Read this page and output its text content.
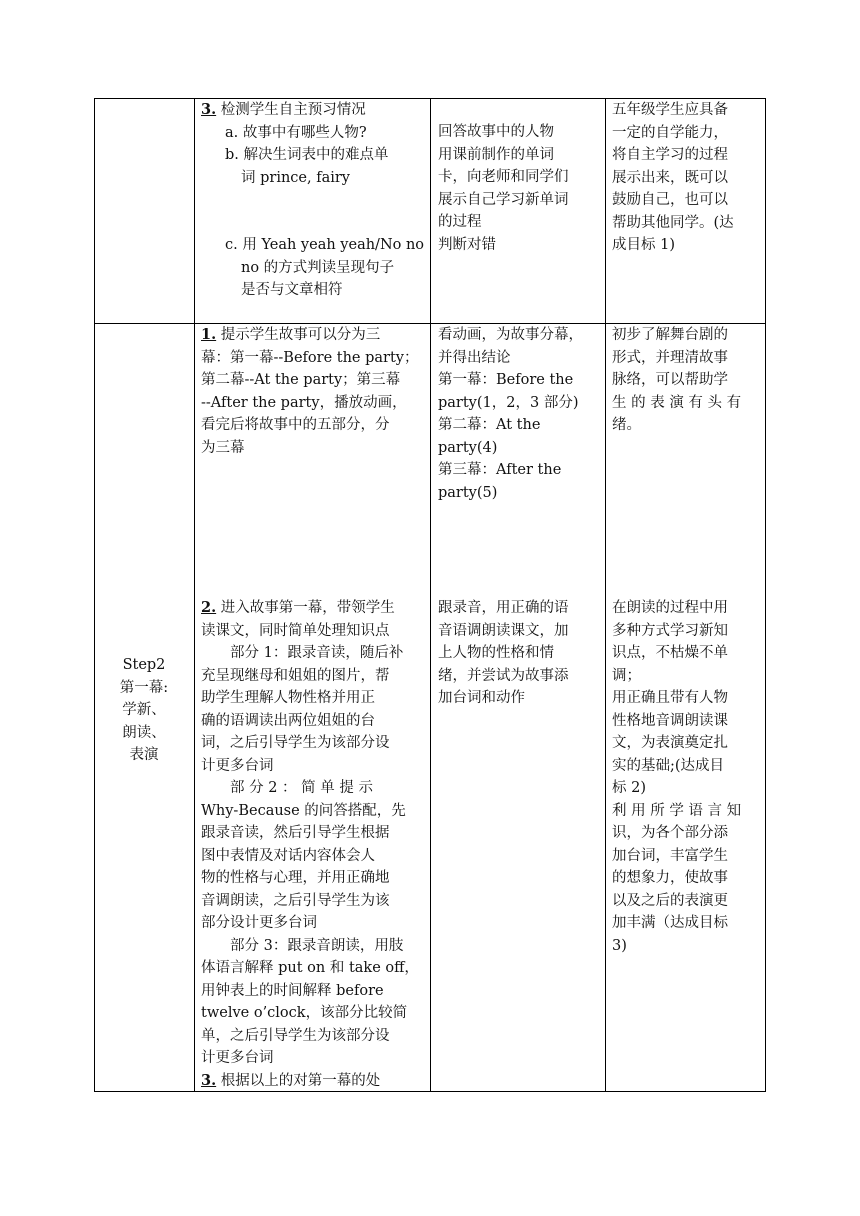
3. 检测学生自主预习情况

a. 故事中有哪些人物?

b. 解决生词表中的难点单

词 prince, fairy

c. 用 Yeah yeah yeah/No no

no 的方式判读呈现句子

是否与文章相符

回答故事中的人物

用课前制作的单词

卡，向老师和同学们

展示自己学习新单词

的过程

判断对错

五年级学生应具备

一定的自学能力，

将自主学习的过程

展示出来，既可以

鼓励自己，也可以

帮助其他同学。(达

成目标 1)

Step2

第一幕:

学新、

朗读、

表演

1. 提示学生故事可以分为三

幕：第一幕--Before the party；

第二幕--At the party；第三幕

--After the party，播放动画，

看完后将故事中的五部分，分

为三幕

看动画，为故事分幕，

并得出结论

第一幕：Before the

party(1，2，3 部分)

第二幕：At the

party(4)

第三幕：After the

party(5)

初步了解舞台剧的

形式，并理清故事

脉络，可以帮助学

生 的 表 演 有 头 有

绪。

2. 进入故事第一幕，带领学生

读课文，同时简单处理知识点

部分 1：跟录音读，随后补

充呈现继母和姐姐的图片，帮

助学生理解人物性格并用正

确的语调读出两位姐姐的台

词，之后引导学生为该部分设

计更多台词

部 分 2 ： 简 单 提 示

Why-Because 的问答搭配，先

跟录音读，然后引导学生根据

图中表情及对话内容体会人

物的性格与心理，并用正确地

音调朗读，之后引导学生为该

部分设计更多台词

部分 3：跟录音朗读，用肢

体语言解释 put on 和 take off，

用钟表上的时间解释 before

twelve o’clock，该部分比较简

单，之后引导学生为该部分设

计更多台词

3. 根据以上的对第一幕的处

跟录音，用正确的语

音语调朗读课文，加

上人物的性格和情

绪，并尝试为故事添

加台词和动作

在朗读的过程中用

多种方式学习新知

识点，不枯燥不单

调；

用正确且带有人物

性格地音调朗读课

文，为表演奠定扎

实的基础;(达成目

标 2)

利 用 所 学 语 言 知

识，为各个部分添

加台词，丰富学生

的想象力，使故事

以及之后的表演更

加丰满（达成目标

3)
